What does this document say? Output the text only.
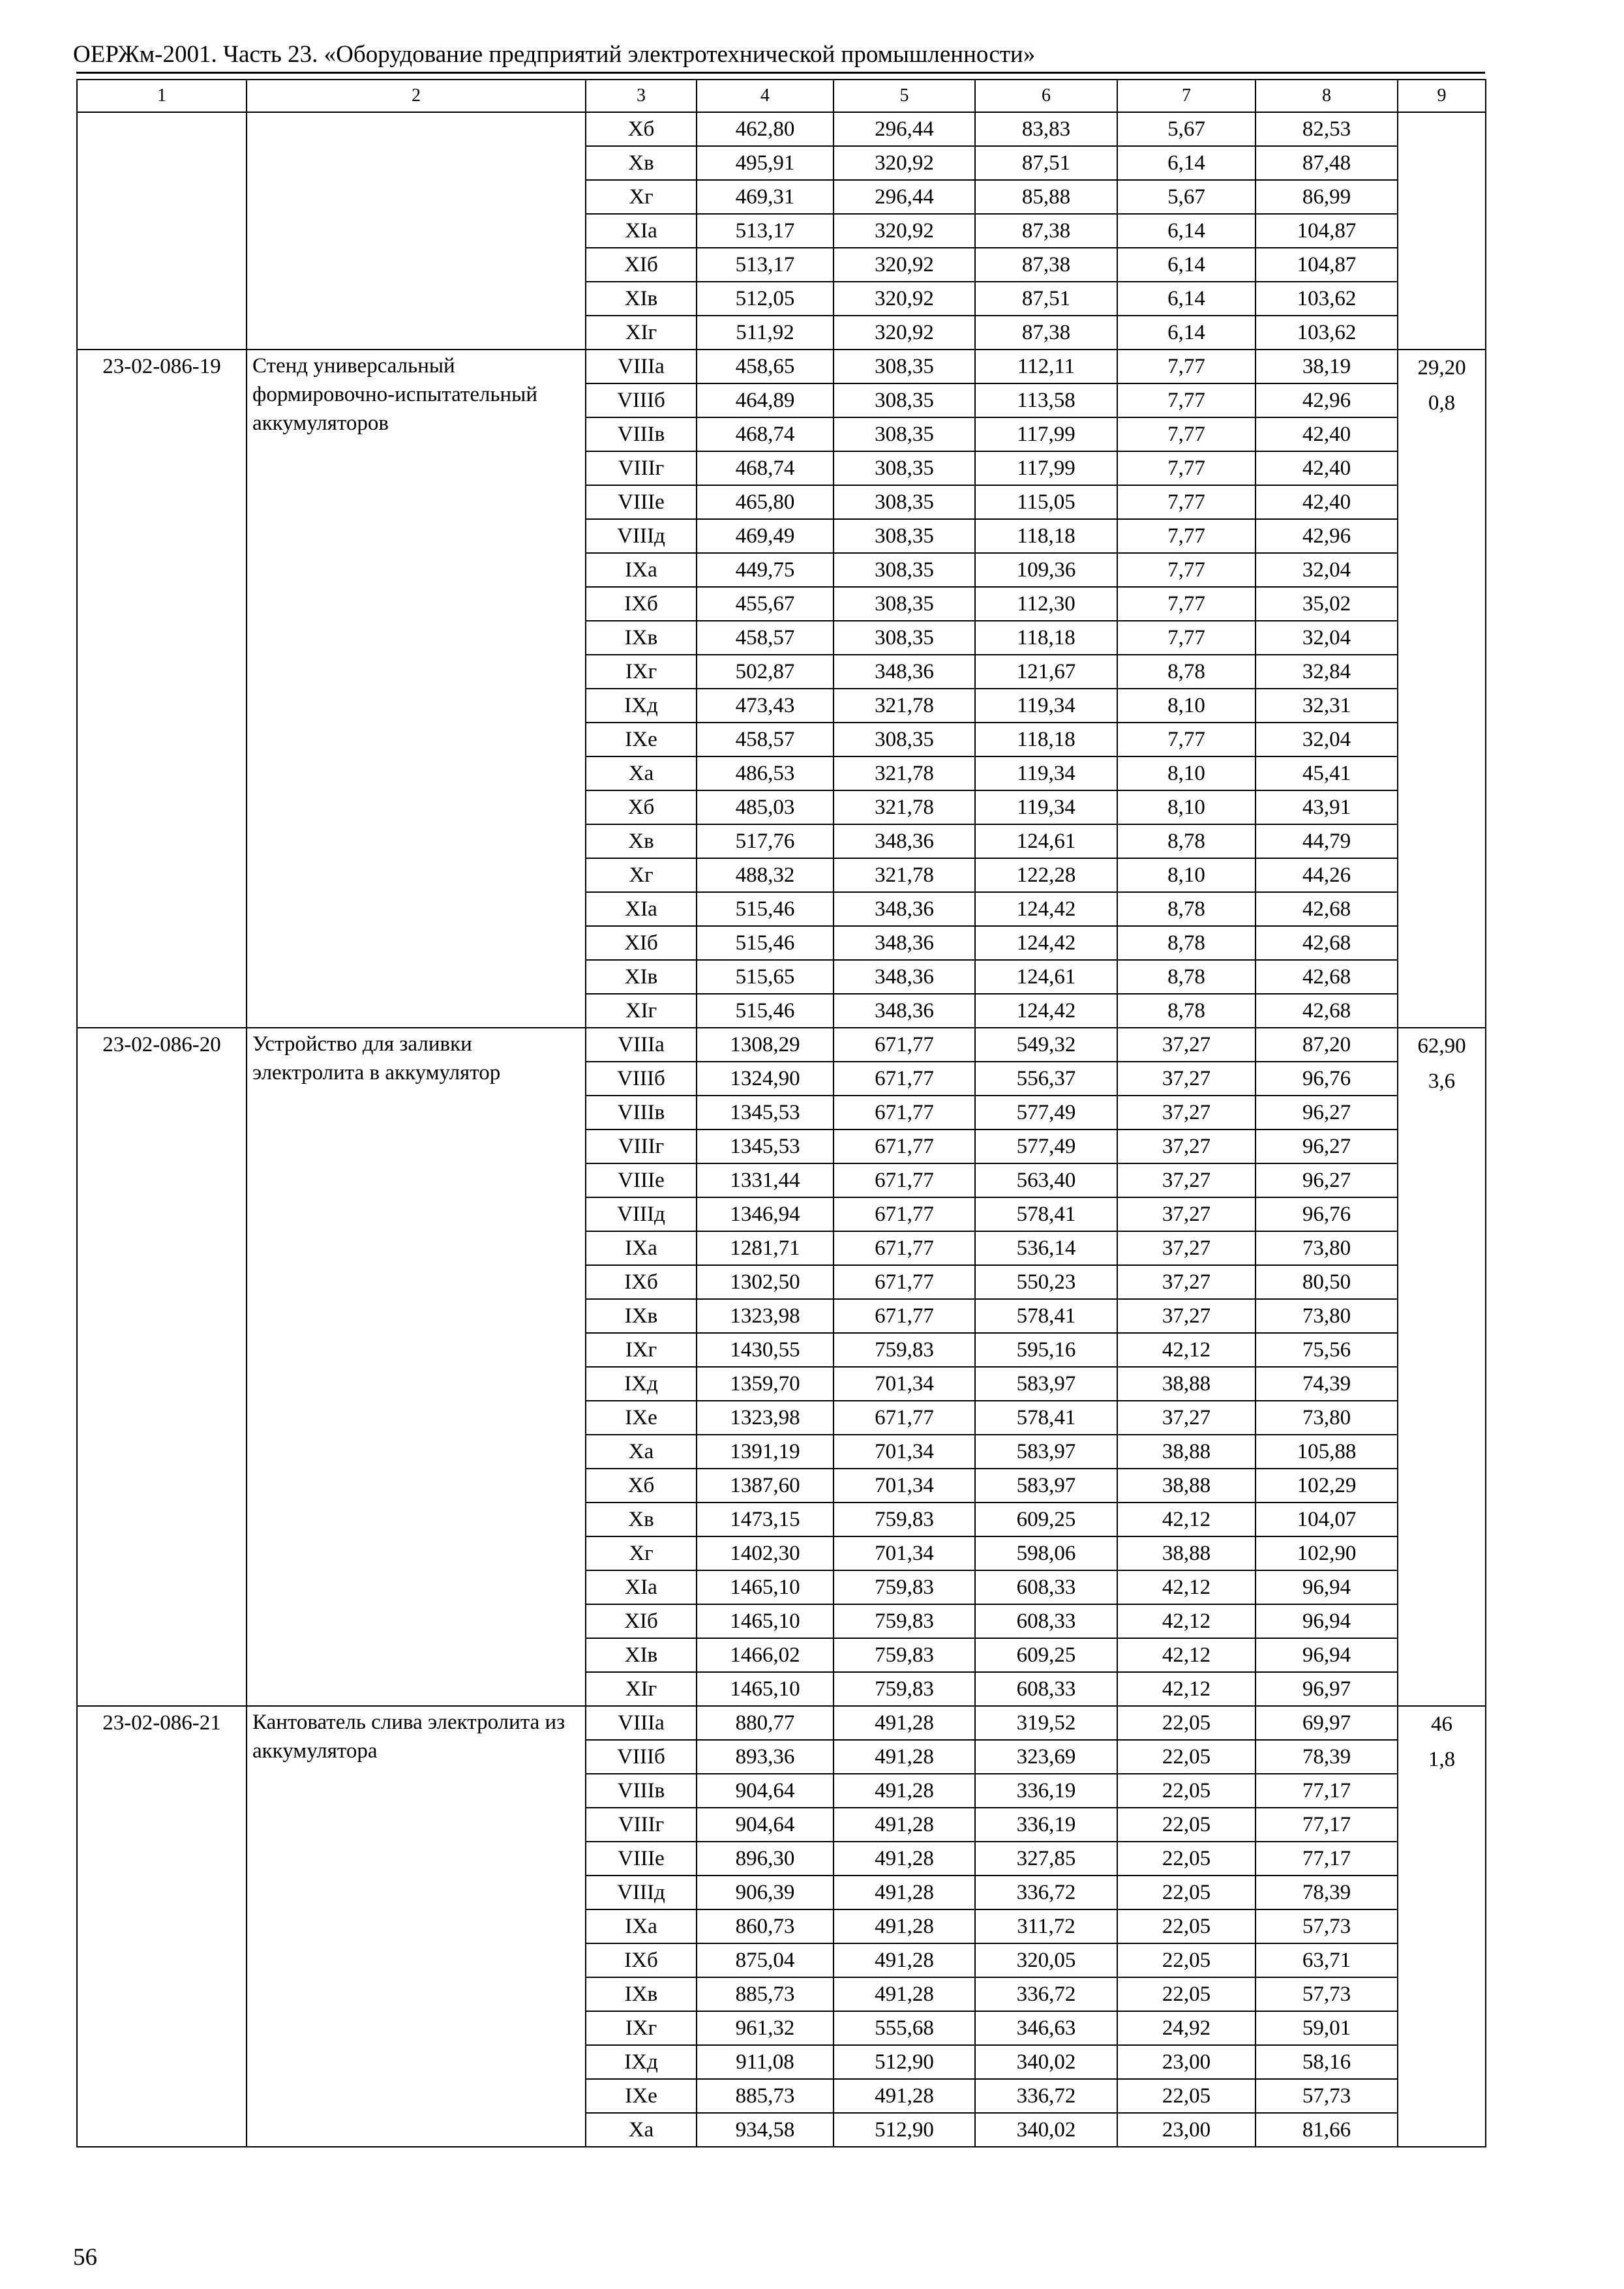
ОЕРЖм-2001. Часть 23. «Оборудование предприятий электротехнической промышленности»
1	2	3	4	5	6	7	8	9
		Xб	462,80	296,44	83,83	5,67	82,53	
		Xв	495,91	320,92	87,51	6,14	87,48	
		Xг	469,31	296,44	85,88	5,67	86,99	
		XIа	513,17	320,92	87,38	6,14	104,87	
		XIб	513,17	320,92	87,38	6,14	104,87	
		XIв	512,05	320,92	87,51	6,14	103,62	
		XIг	511,92	320,92	87,38	6,14	103,62	
23-02-086-19	Стенд универсальный формировочно-испытательный аккумуляторов	VIIIа	458,65	308,35	112,11	7,77	38,19	29,20
0,8

		VIIIб	464,89	308,35	113,58	7,77	42,96	
		VIIIв	468,74	308,35	117,99	7,77	42,40	
		VIIIг	468,74	308,35	117,99	7,77	42,40	
		VIIIе	465,80	308,35	115,05	7,77	42,40	
		VIIIд	469,49	308,35	118,18	7,77	42,96	
		IXа	449,75	308,35	109,36	7,77	32,04	
		IXб	455,67	308,35	112,30	7,77	35,02	
		IXв	458,57	308,35	118,18	7,77	32,04	
		IXг	502,87	348,36	121,67	8,78	32,84	
		IXд	473,43	321,78	119,34	8,10	32,31	
		IXе	458,57	308,35	118,18	7,77	32,04	
		Xа	486,53	321,78	119,34	8,10	45,41	
		Xб	485,03	321,78	119,34	8,10	43,91	
		Xв	517,76	348,36	124,61	8,78	44,79	
		Xг	488,32	321,78	122,28	8,10	44,26	
		XIа	515,46	348,36	124,42	8,78	42,68	
		XIб	515,46	348,36	124,42	8,78	42,68	
		XIв	515,65	348,36	124,61	8,78	42,68	
		XIг	515,46	348,36	124,42	8,78	42,68	
23-02-086-20	Устройство для заливки электролита в аккумулятор	VIIIа	1308,29	671,77	549,32	37,27	87,20	62,90
3,6

		VIIIб	1324,90	671,77	556,37	37,27	96,76	
		VIIIв	1345,53	671,77	577,49	37,27	96,27	
		VIIIг	1345,53	671,77	577,49	37,27	96,27	
		VIIIе	1331,44	671,77	563,40	37,27	96,27	
		VIIIд	1346,94	671,77	578,41	37,27	96,76	
		IXа	1281,71	671,77	536,14	37,27	73,80	
		IXб	1302,50	671,77	550,23	37,27	80,50	
		IXв	1323,98	671,77	578,41	37,27	73,80	
		IXг	1430,55	759,83	595,16	42,12	75,56	
		IXд	1359,70	701,34	583,97	38,88	74,39	
		IXе	1323,98	671,77	578,41	37,27	73,80	
		Xа	1391,19	701,34	583,97	38,88	105,88	
		Xб	1387,60	701,34	583,97	38,88	102,29	
		Xв	1473,15	759,83	609,25	42,12	104,07	
		Xг	1402,30	701,34	598,06	38,88	102,90	
		XIа	1465,10	759,83	608,33	42,12	96,94	
		XIб	1465,10	759,83	608,33	42,12	96,94	
		XIв	1466,02	759,83	609,25	42,12	96,94	
		XIг	1465,10	759,83	608,33	42,12	96,97	
23-02-086-21	Кантователь слива электролита из аккумулятора	VIIIа	880,77	491,28	319,52	22,05	69,97	46
1,8

		VIIIб	893,36	491,28	323,69	22,05	78,39	
		VIIIв	904,64	491,28	336,19	22,05	77,17	
		VIIIг	904,64	491,28	336,19	22,05	77,17	
		VIIIе	896,30	491,28	327,85	22,05	77,17	
		VIIIд	906,39	491,28	336,72	22,05	78,39	
		IXа	860,73	491,28	311,72	22,05	57,73	
		IXб	875,04	491,28	320,05	22,05	63,71	
		IXв	885,73	491,28	336,72	22,05	57,73	
		IXг	961,32	555,68	346,63	24,92	59,01	
		IXд	911,08	512,90	340,02	23,00	58,16	
		IXе	885,73	491,28	336,72	22,05	57,73	
		Xа	934,58	512,90	340,02	23,00	81,66	
56
